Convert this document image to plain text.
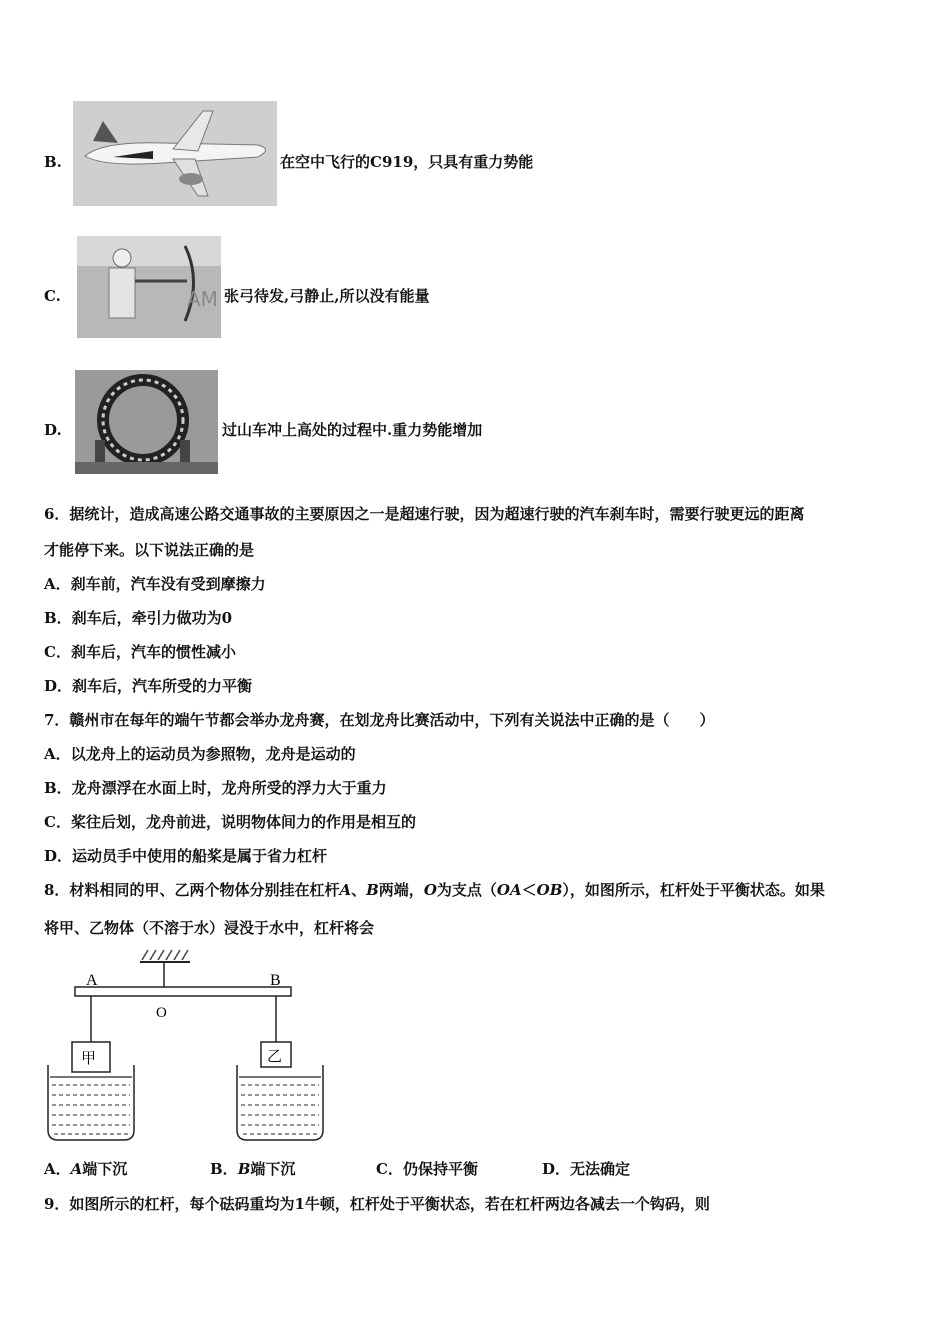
B.	在空中飞行的C919，只具有重力势能
C.	AM 张弓待发,弓静止,所以没有能量
D.	过山车冲上高处的过程中.重力势能增加
6．据统计，造成高速公路交通事故的主要原因之一是超速行驶，因为超速行驶的汽车刹车时，需要行驶更远的距离
才能停下来。以下说法正确的是
A．刹车前，汽车没有受到摩擦力
B．刹车后，牵引力做功为0
C．刹车后，汽车的惯性减小
D．刹车后，汽车所受的力平衡
7．赣州市在每年的端午节都会举办龙舟赛，在划龙舟比赛活动中，下列有关说法中正确的是（　　）
A．以龙舟上的运动员为参照物，龙舟是运动的
B．龙舟漂浮在水面上时，龙舟所受的浮力大于重力
C．桨往后划，龙舟前进，说明物体间力的作用是相互的
D．运动员手中使用的船桨是属于省力杠杆
8．材料相同的甲、乙两个物体分别挂在杠杆A、B两端，O为支点（OA＜OB），如图所示，杠杆处于平衡状态。如果
将甲、乙物体（不溶于水）浸没于水中，杠杆将会
A	B
O
甲	乙
A．A端下沉	B．B端下沉	C．仍保持平衡	D．无法确定
9．如图所示的杠杆，每个砝码重均为1牛顿，杠杆处于平衡状态，若在杠杆两边各减去一个钩码，则
